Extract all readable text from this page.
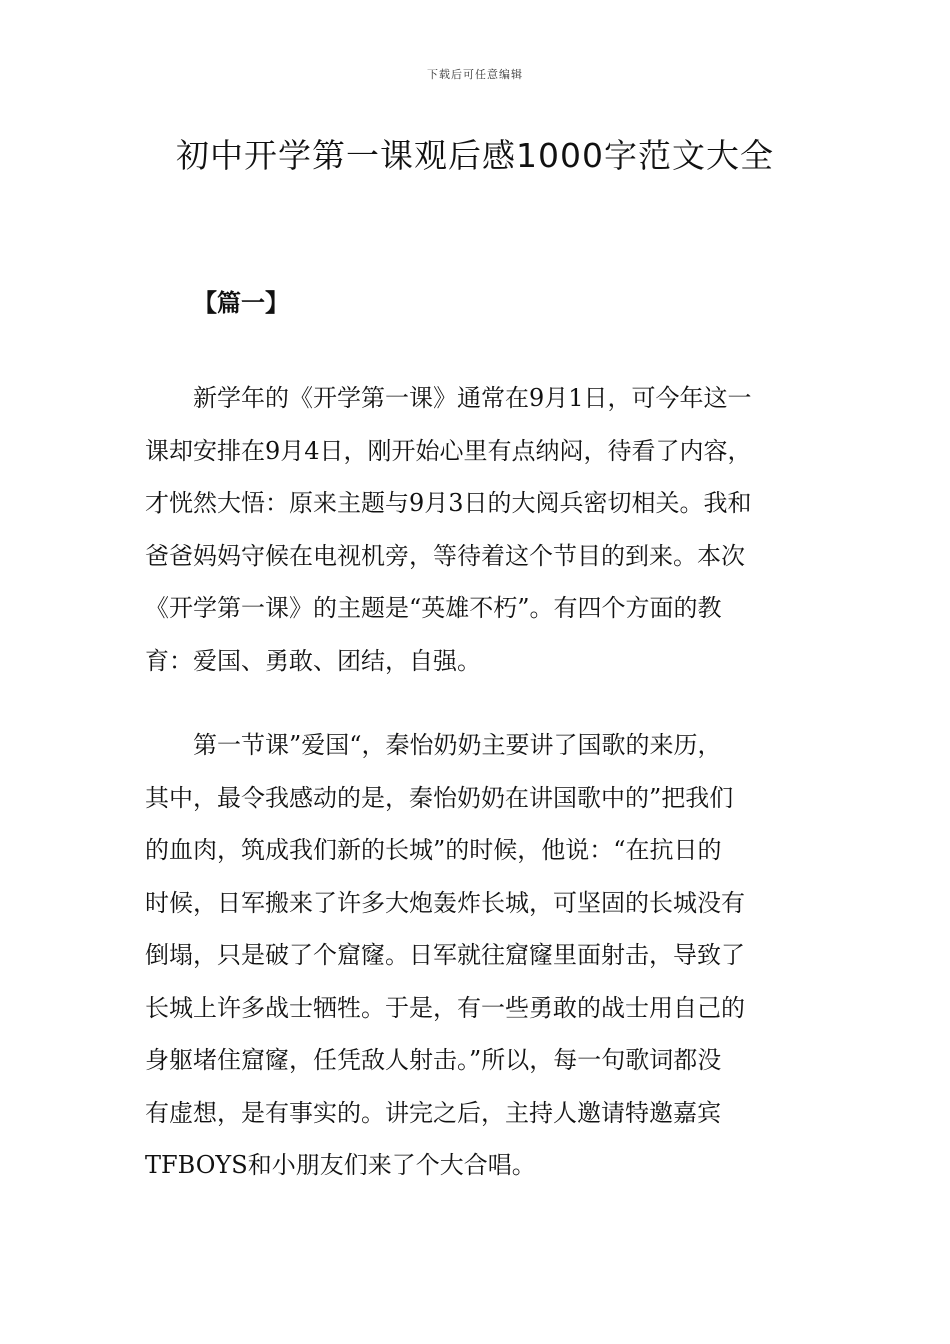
下载后可任意编辑
初中开学第一课观后感1000字范文大全
【篇一】
　　新学年的《开学第一课》通常在9月1日，可今年这一
课却安排在9月4日，刚开始心里有点纳闷，待看了内容，
才恍然大悟：原来主题与9月3日的大阅兵密切相关。我和
爸爸妈妈守候在电视机旁，等待着这个节目的到来。本次
《开学第一课》的主题是“英雄不朽”。有四个方面的教
育：爱国、勇敢、团结，自强。
　　第一节课”爱国“，秦怡奶奶主要讲了国歌的来历，
其中，最令我感动的是，秦怡奶奶在讲国歌中的”把我们
的血肉，筑成我们新的长城”的时候，他说：“在抗日的
时候，日军搬来了许多大炮轰炸长城，可坚固的长城没有
倒塌，只是破了个窟窿。日军就往窟窿里面射击，导致了
长城上许多战士牺牲。于是，有一些勇敢的战士用自己的
身躯堵住窟窿，任凭敌人射击。”所以，每一句歌词都没
有虚想，是有事实的。讲完之后，主持人邀请特邀嘉宾
TFBOYS和小朋友们来了个大合唱。
